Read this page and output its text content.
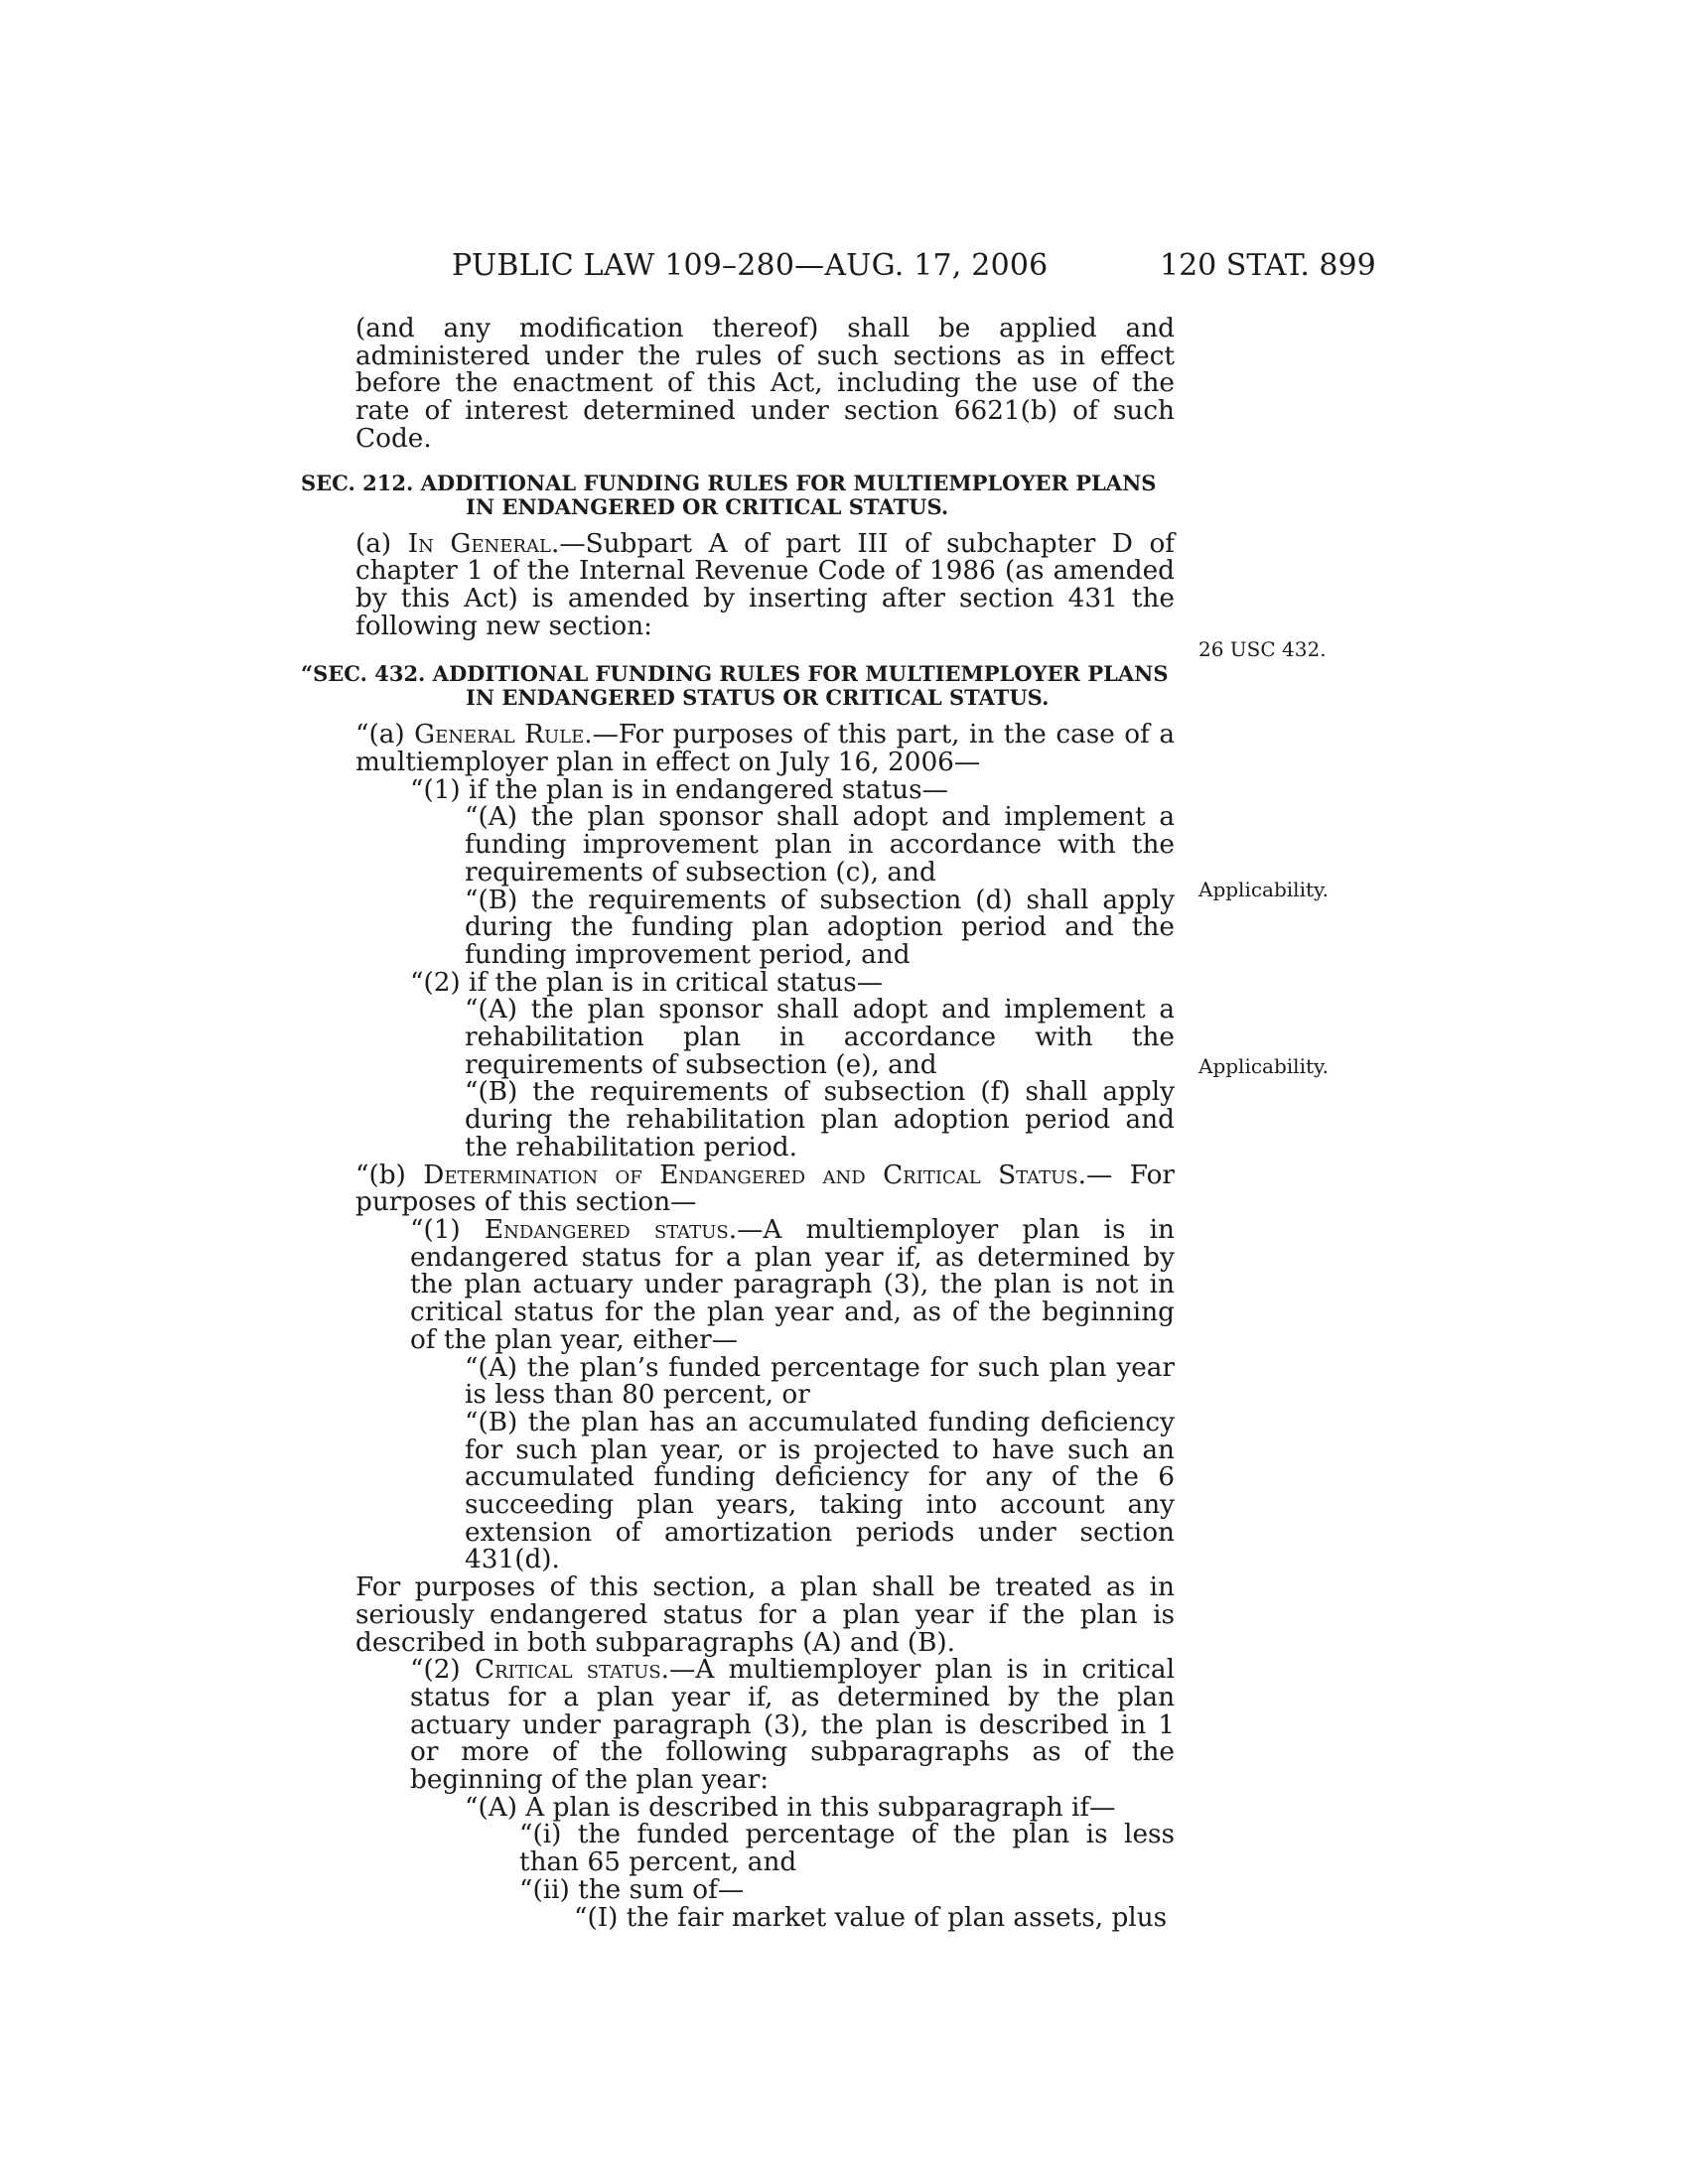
PUBLIC LAW 109–280—AUG. 17, 2006	120 STAT. 899
26 USC 432.
Applicability.
Applicability.

(and any modification thereof) shall be applied and administered under the rules of such sections as in effect before the enactment of this Act, including the use of the rate of interest determined under section 6621(b) of such Code.

SEC. 212. ADDITIONAL FUNDING RULES FOR MULTIEMPLOYER PLANS
IN ENDANGERED OR CRITICAL STATUS.

(a) In General.—Subpart A of part III of subchapter D of chapter 1 of the Internal Revenue Code of 1986 (as amended by this Act) is amended by inserting after section 431 the following new section:

“SEC. 432. ADDITIONAL FUNDING RULES FOR MULTIEMPLOYER PLANS
IN ENDANGERED STATUS OR CRITICAL STATUS.

“(a) General Rule.—For purposes of this part, in the case of a multiemployer plan in effect on July 16, 2006—

“(1) if the plan is in endangered status—

“(A) the plan sponsor shall adopt and implement a funding improvement plan in accordance with the requirements of subsection (c), and

“(B) the requirements of subsection (d) shall apply during the funding plan adoption period and the funding improvement period, and

“(2) if the plan is in critical status—

“(A) the plan sponsor shall adopt and implement a rehabilitation plan in accordance with the requirements of subsection (e), and

“(B) the requirements of subsection (f) shall apply during the rehabilitation plan adoption period and the rehabilitation period.

“(b) Determination of Endangered and Critical Status.— For purposes of this section—

“(1) Endangered status.—A multiemployer plan is in endangered status for a plan year if, as determined by the plan actuary under paragraph (3), the plan is not in critical status for the plan year and, as of the beginning of the plan year, either—

“(A) the plan’s funded percentage for such plan year is less than 80 percent, or

“(B) the plan has an accumulated funding deficiency for such plan year, or is projected to have such an accumulated funding deficiency for any of the 6 succeeding plan years, taking into account any extension of amortization periods under section 431(d).

For purposes of this section, a plan shall be treated as in seriously endangered status for a plan year if the plan is described in both subparagraphs (A) and (B).

“(2) Critical status.—A multiemployer plan is in critical status for a plan year if, as determined by the plan actuary under paragraph (3), the plan is described in 1 or more of the following subparagraphs as of the beginning of the plan year:

“(A) A plan is described in this subparagraph if—

“(i) the funded percentage of the plan is less than 65 percent, and

“(ii) the sum of—

“(I) the fair market value of plan assets, plus
